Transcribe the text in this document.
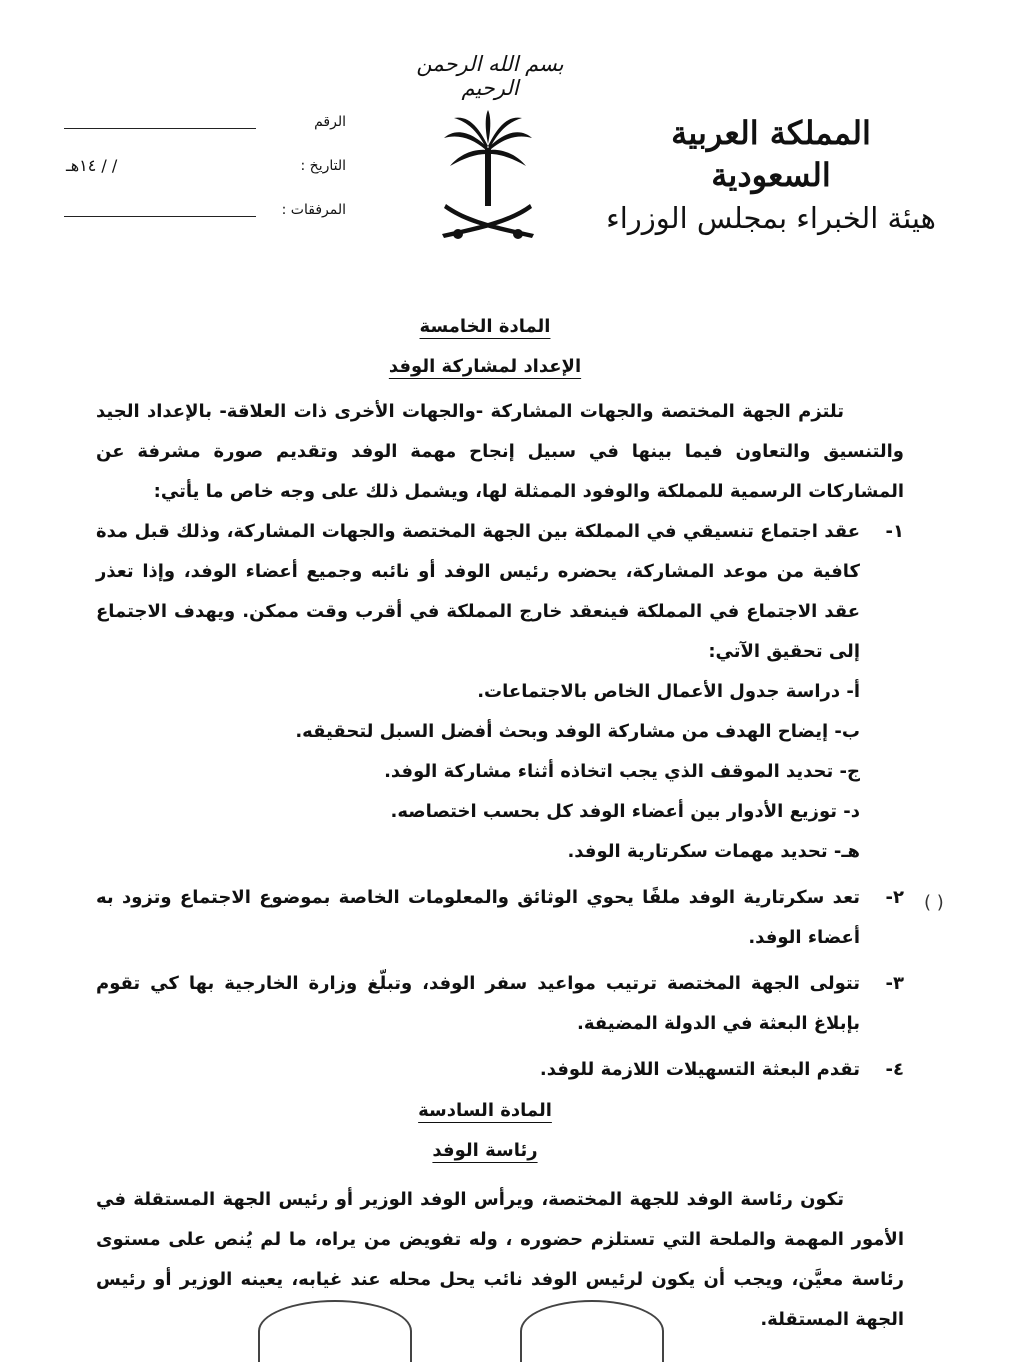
بسم الله الرحمن الرحيم
المملكة العربية السعودية
هيئة الخبراء بمجلس الوزراء
الرقم
التاريخ :
/ / ١٤هـ
المرفقات :
المادة الخامسة
الإعداد لمشاركة الوفد

تلتزم الجهة المختصة والجهات المشاركة -والجهات الأخرى ذات العلاقة- بالإعداد الجيد والتنسيق والتعاون فيما بينها في سبيل إنجاح مهمة الوفد وتقديم صورة مشرفة عن المشاركات الرسمية للمملكة والوفود الممثلة لها، ويشمل ذلك على وجه خاص ما يأتي:

١-
عقد اجتماع تنسيقي في المملكة بين الجهة المختصة والجهات المشاركة، وذلك قبل مدة كافية من موعد المشاركة، يحضره رئيس الوفد أو نائبه وجميع أعضاء الوفد، وإذا تعذر عقد الاجتماع في المملكة فينعقد خارج المملكة في أقرب وقت ممكن. ويهدف الاجتماع إلى تحقيق الآتي:

أ- دراسة جدول الأعمال الخاص بالاجتماعات.

ب- إيضاح الهدف من مشاركة الوفد وبحث أفضل السبل لتحقيقه.

ج- تحديد الموقف الذي يجب اتخاذه أثناء مشاركة الوفد.

د- توزيع الأدوار بين أعضاء الوفد كل بحسب اختصاصه.

هـ- تحديد مهمات سكرتارية الوفد.

٢-
تعد سكرتارية الوفد ملفًا يحوي الوثائق والمعلومات الخاصة بموضوع الاجتماع وتزود به أعضاء الوفد.
٣-
تتولى الجهة المختصة ترتيب مواعيد سفر الوفد، وتبلّغ وزارة الخارجية بها كي تقوم بإبلاغ البعثة في الدولة المضيفة.
٤-
تقدم البعثة التسهيلات اللازمة للوفد.
( )
المادة السادسة
رئاسة الوفد

تكون رئاسة الوفد للجهة المختصة، ويرأس الوفد الوزير أو رئيس الجهة المستقلة في الأمور المهمة والملحة التي تستلزم حضوره ، وله تفويض من يراه، ما لم يُنص على مستوى رئاسة معيَّن، ويجب أن يكون لرئيس الوفد نائب يحل محله عند غيابه، يعينه الوزير أو رئيس الجهة المستقلة.
